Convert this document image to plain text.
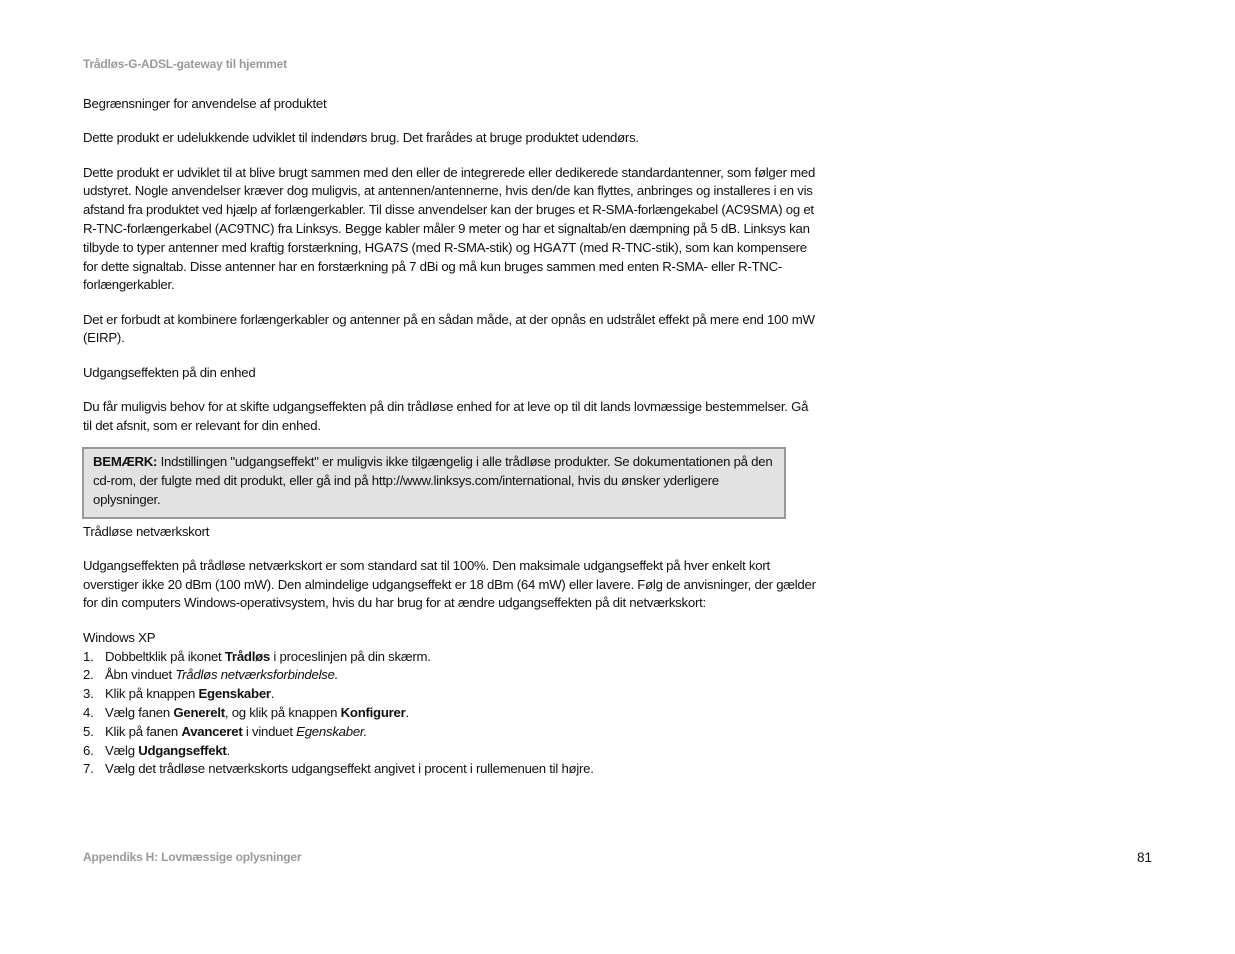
Trådløs-G-ADSL-gateway til hjemmet

Begrænsninger for anvendelse af produktet

Dette produkt er udelukkende udviklet til indendørs brug. Det frarådes at bruge produktet udendørs.

Dette produkt er udviklet til at blive brugt sammen med den eller de integrerede eller dedikerede standardantenner, som følger med udstyret. Nogle anvendelser kræver dog muligvis, at antennen/antennerne, hvis den/de kan flyttes, anbringes og installeres i en vis afstand fra produktet ved hjælp af forlængerkabler. Til disse anvendelser kan der bruges et R-SMA-forlængekabel (AC9SMA) og et R-TNC-forlængerkabel (AC9TNC) fra Linksys. Begge kabler måler 9 meter og har et signaltab/en dæmpning på 5 dB. Linksys kan tilbyde to typer antenner med kraftig forstærkning, HGA7S (med R-SMA-stik) og HGA7T (med R-TNC-stik), som kan kompensere for dette signaltab. Disse antenner har en forstærkning på 7 dBi og må kun bruges sammen med enten R-SMA- eller R-TNC-forlængerkabler.

Det er forbudt at kombinere forlængerkabler og antenner på en sådan måde, at der opnås en udstrålet effekt på mere end 100 mW (EIRP).

Udgangseffekten på din enhed

Du får muligvis behov for at skifte udgangseffekten på din trådløse enhed for at leve op til dit lands lovmæssige bestemmelser. Gå til det afsnit, som er relevant for din enhed.

BEMÆRK: Indstillingen "udgangseffekt" er muligvis ikke tilgængelig i alle trådløse produkter. Se dokumentationen på den cd-rom, der fulgte med dit produkt, eller gå ind på http://www.linksys.com/international, hvis du ønsker yderligere oplysninger.

Trådløse netværkskort

Udgangseffekten på trådløse netværkskort er som standard sat til 100%. Den maksimale udgangseffekt på hver enkelt kort overstiger ikke 20 dBm (100 mW). Den almindelige udgangseffekt er 18 dBm (64 mW) eller lavere. Følg de anvisninger, der gælder for din computers Windows-operativsystem, hvis du har brug for at ændre udgangseffekten på dit netværkskort:

Windows XP
1. Dobbeltklik på ikonet Trådløs i proceslinjen på din skærm.
2. Åbn vinduet Trådløs netværksforbindelse.
3. Klik på knappen Egenskaber.
4. Vælg fanen Generelt, og klik på knappen Konfigurer.
5. Klik på fanen Avanceret i vinduet Egenskaber.
6. Vælg Udgangseffekt.
7. Vælg det trådløse netværkskorts udgangseffekt angivet i procent i rullemenuen til højre.
Appendiks H: Lovmæssige oplysninger	81
